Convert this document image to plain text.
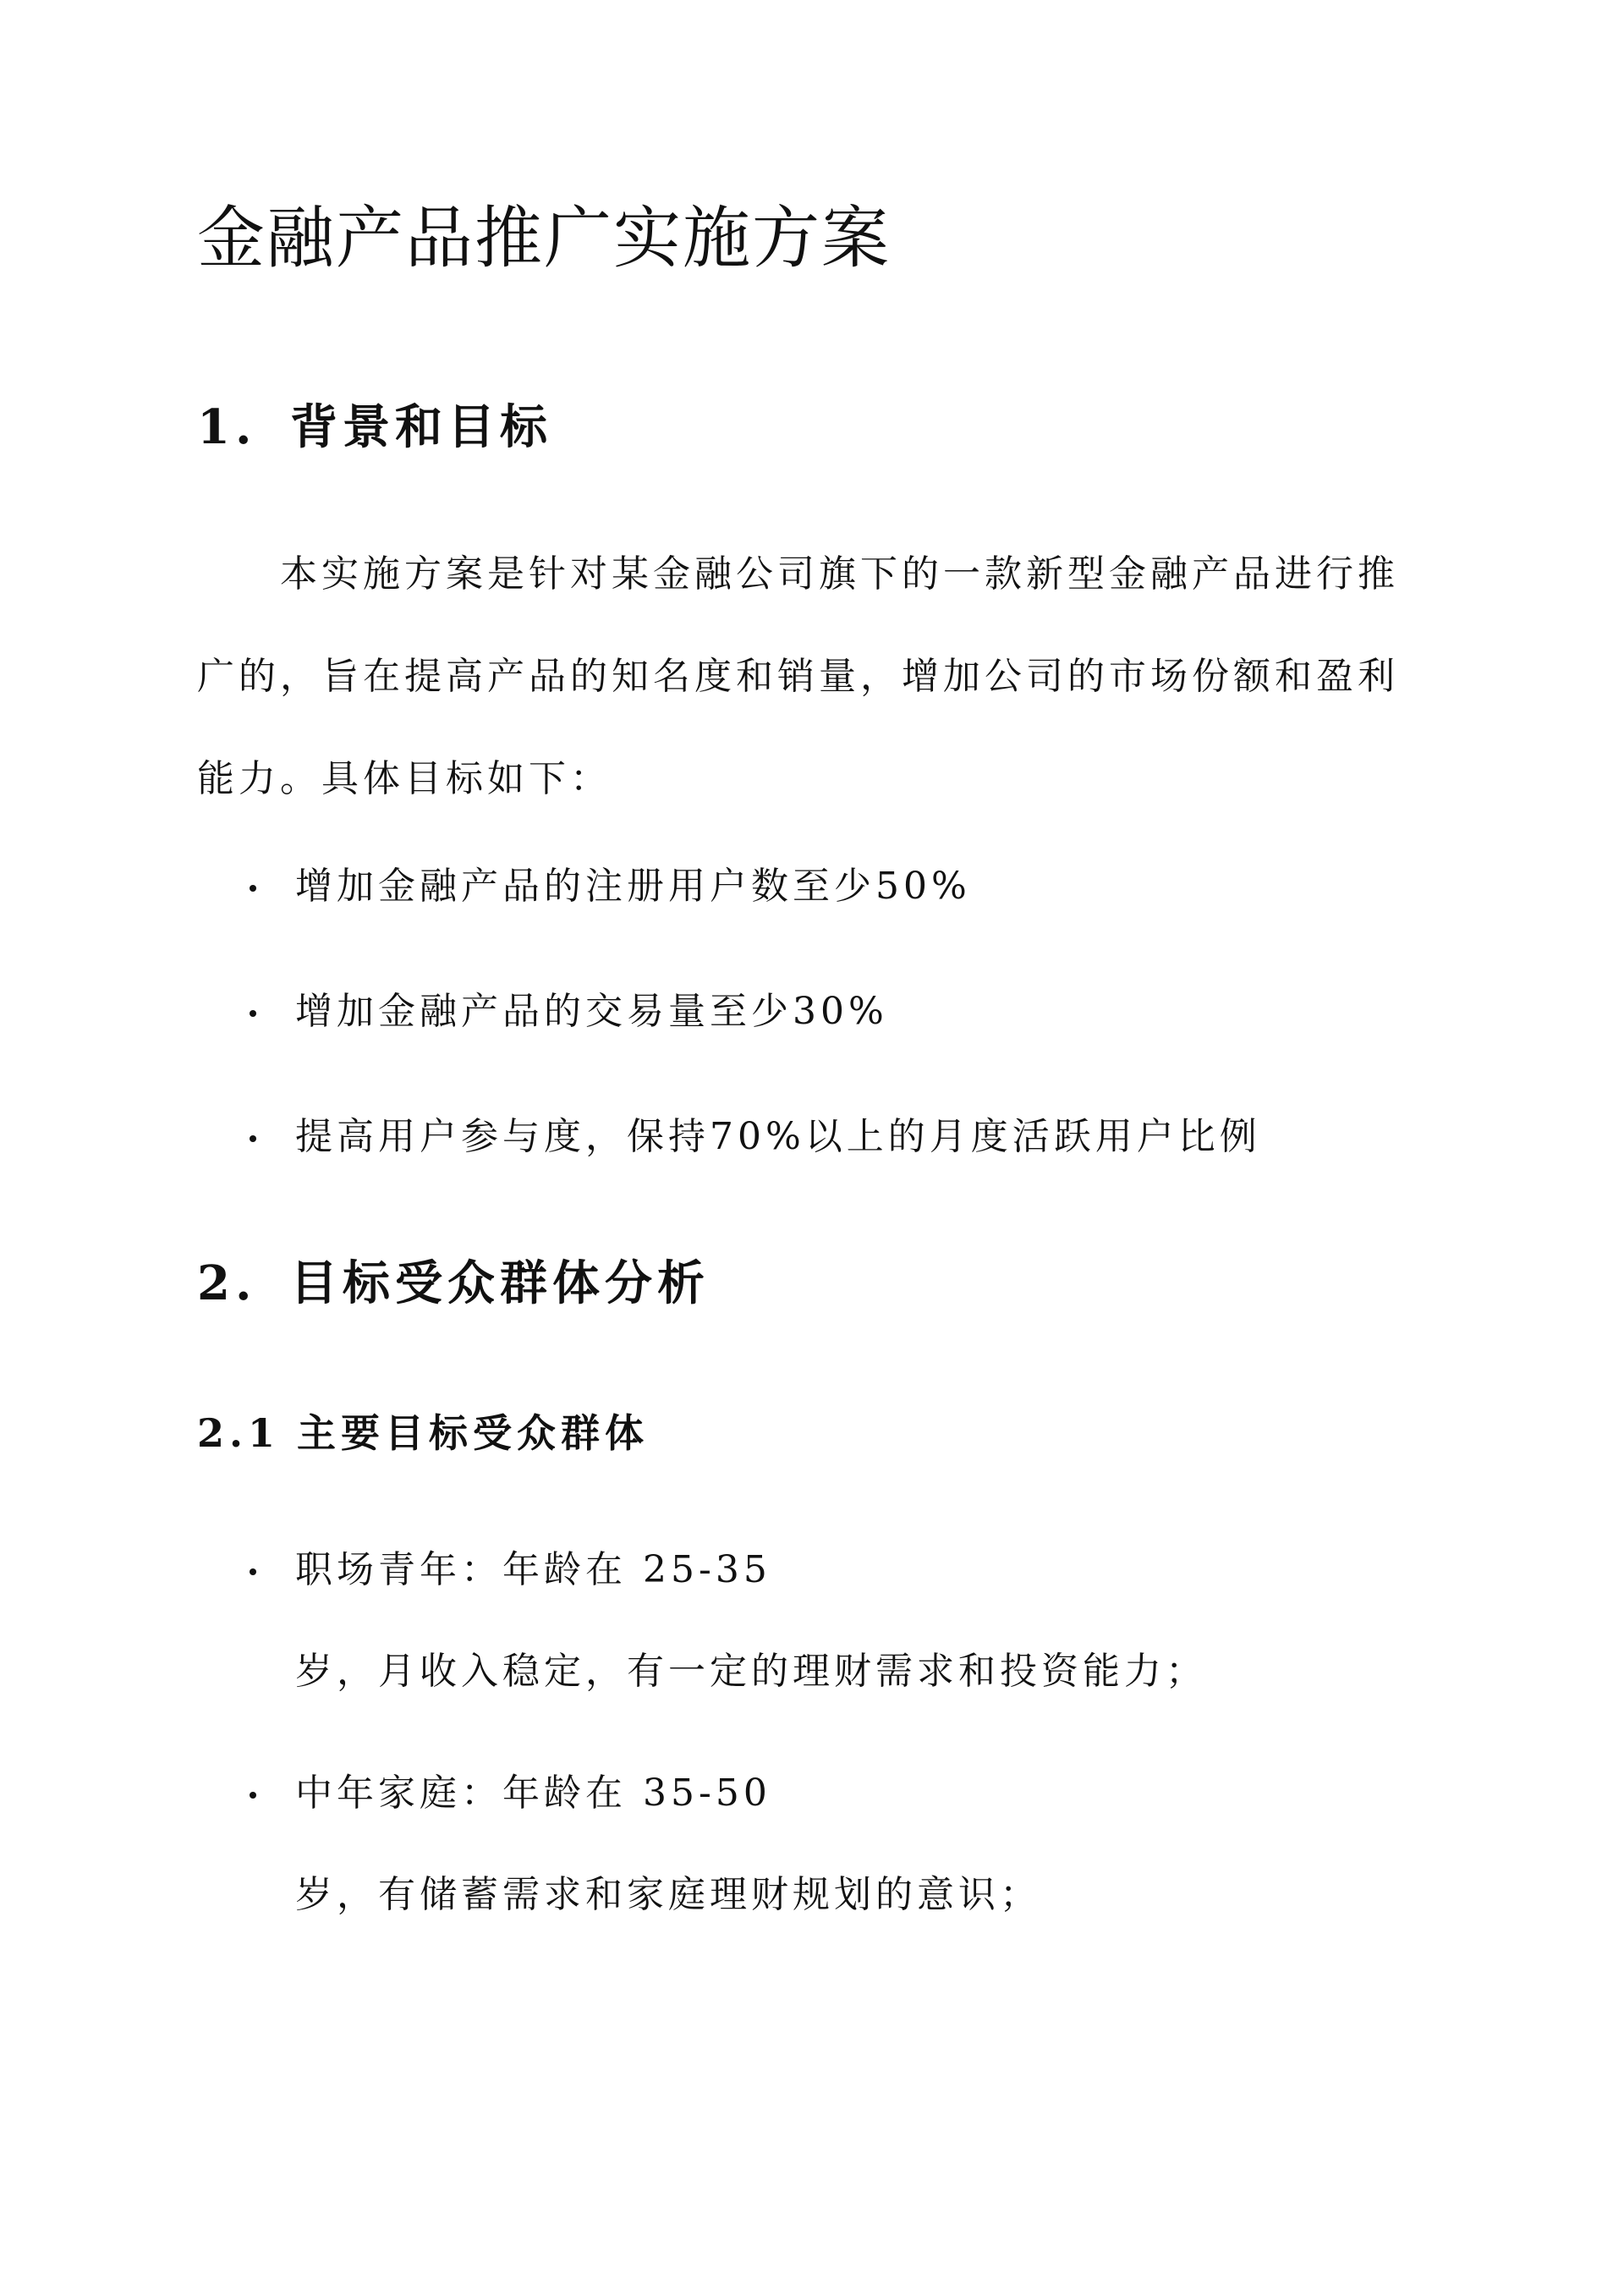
金融产品推广实施方案
1. 背景和目标

本实施方案是针对某金融公司旗下的一款新型金融产品进行推广的，旨在提高产品的知名度和销量，增加公司的市场份额和盈利能力。具体目标如下：

增加金融产品的注册用户数至少50%
增加金融产品的交易量至少30%
提高用户参与度，保持70%以上的月度活跃用户比例
2. 目标受众群体分析
2.1 主要目标受众群体
职场青年：年龄在 25-35
岁，月收入稳定，有一定的理财需求和投资能力；
中年家庭：年龄在 35-50
岁，有储蓄需求和家庭理财规划的意识；
